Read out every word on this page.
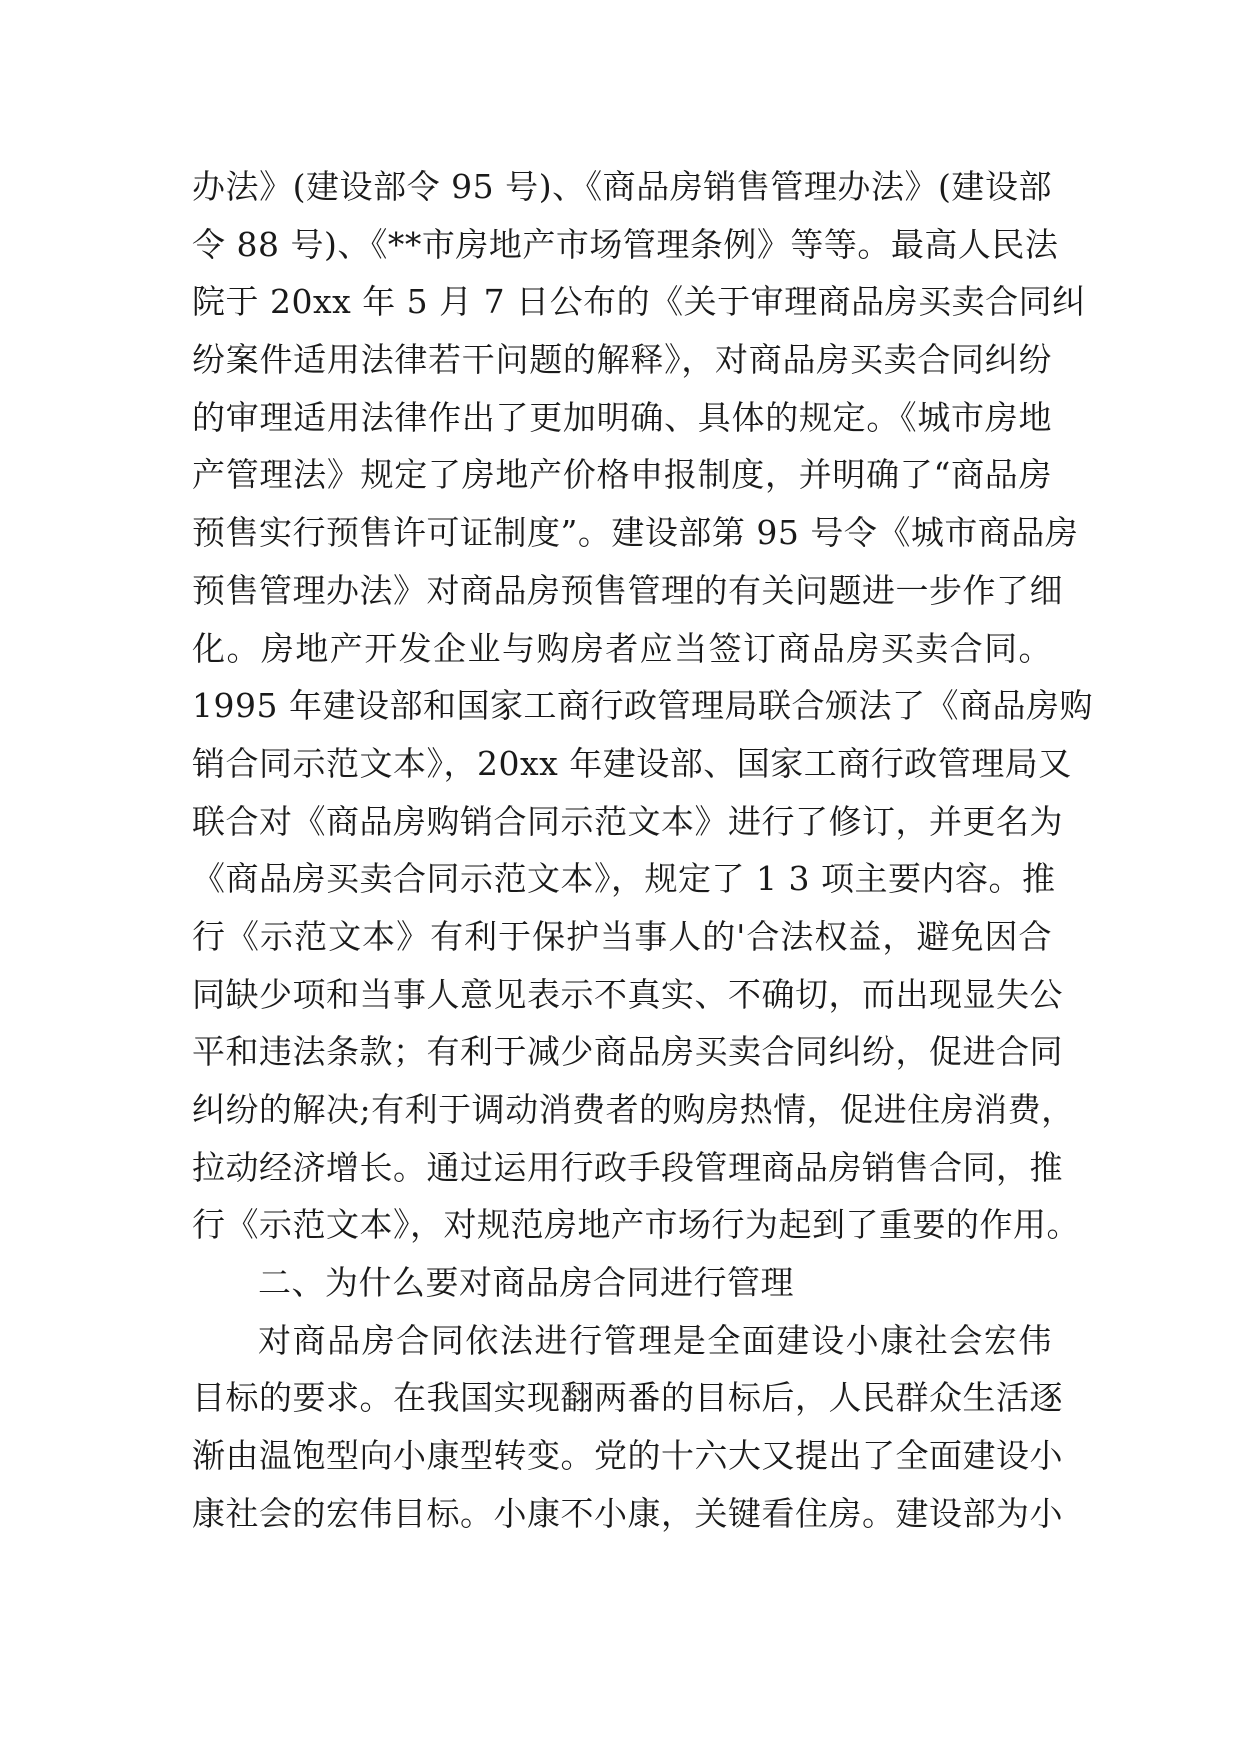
办法》(建设部令 95 号)、《商品房销售管理办法》(建设部
令 88 号)、《**市房地产市场管理条例》等等。最高人民法
院于 20xx 年 5 月 7 日公布的《关于审理商品房买卖合同纠
纷案件适用法律若干问题的解释》，对商品房买卖合同纠纷
的审理适用法律作出了更加明确、具体的规定。《城市房地
产管理法》规定了房地产价格申报制度，并明确了“商品房
预售实行预售许可证制度”。建设部第 95 号令《城市商品房
预售管理办法》对商品房预售管理的有关问题进一步作了细
化。房地产开发企业与购房者应当签订商品房买卖合同。
1995 年建设部和国家工商行政管理局联合颁法了《商品房购
销合同示范文本》，20xx 年建设部、国家工商行政管理局又
联合对《商品房购销合同示范文本》进行了修订，并更名为
《商品房买卖合同示范文本》，规定了 1 3 项主要内容。推
行《示范文本》有利于保护当事人的'合法权益，避免因合
同缺少项和当事人意见表示不真实、不确切，而出现显失公
平和违法条款；有利于减少商品房买卖合同纠纷，促进合同
纠纷的解决;有利于调动消费者的购房热情，促进住房消费，
拉动经济增长。通过运用行政手段管理商品房销售合同，推
行《示范文本》，对规范房地产市场行为起到了重要的作用。
二、为什么要对商品房合同进行管理
对商品房合同依法进行管理是全面建设小康社会宏伟
目标的要求。在我国实现翻两番的目标后，人民群众生活逐
渐由温饱型向小康型转变。党的十六大又提出了全面建设小
康社会的宏伟目标。小康不小康，关键看住房。建设部为小
